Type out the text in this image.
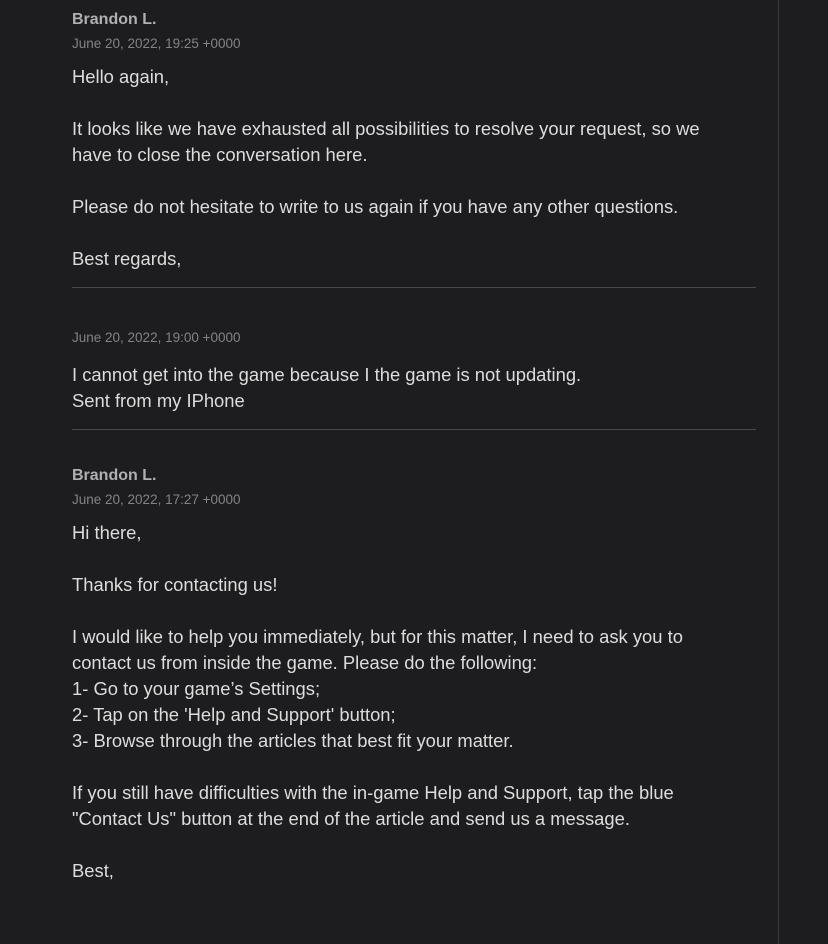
Brandon L.
June 20, 2022, 19:25 +0000

Hello again,

It looks like we have exhausted all possibilities to resolve your request, so we
have to close the conversation here.

Please do not hesitate to write to us again if you have any other questions.

Best regards,

June 20, 2022, 19:00 +0000

I cannot get into the game because I the game is not updating.
Sent from my IPhone

Brandon L.
June 20, 2022, 17:27 +0000

Hi there,

Thanks for contacting us!

I would like to help you immediately, but for this matter, I need to ask you to
contact us from inside the game. Please do the following:
1- Go to your game’s Settings;
2- Tap on the 'Help and Support' button;
3- Browse through the articles that best fit your matter.

If you still have difficulties with the in-game Help and Support, tap the blue
"Contact Us" button at the end of the article and send us a message.

Best,
